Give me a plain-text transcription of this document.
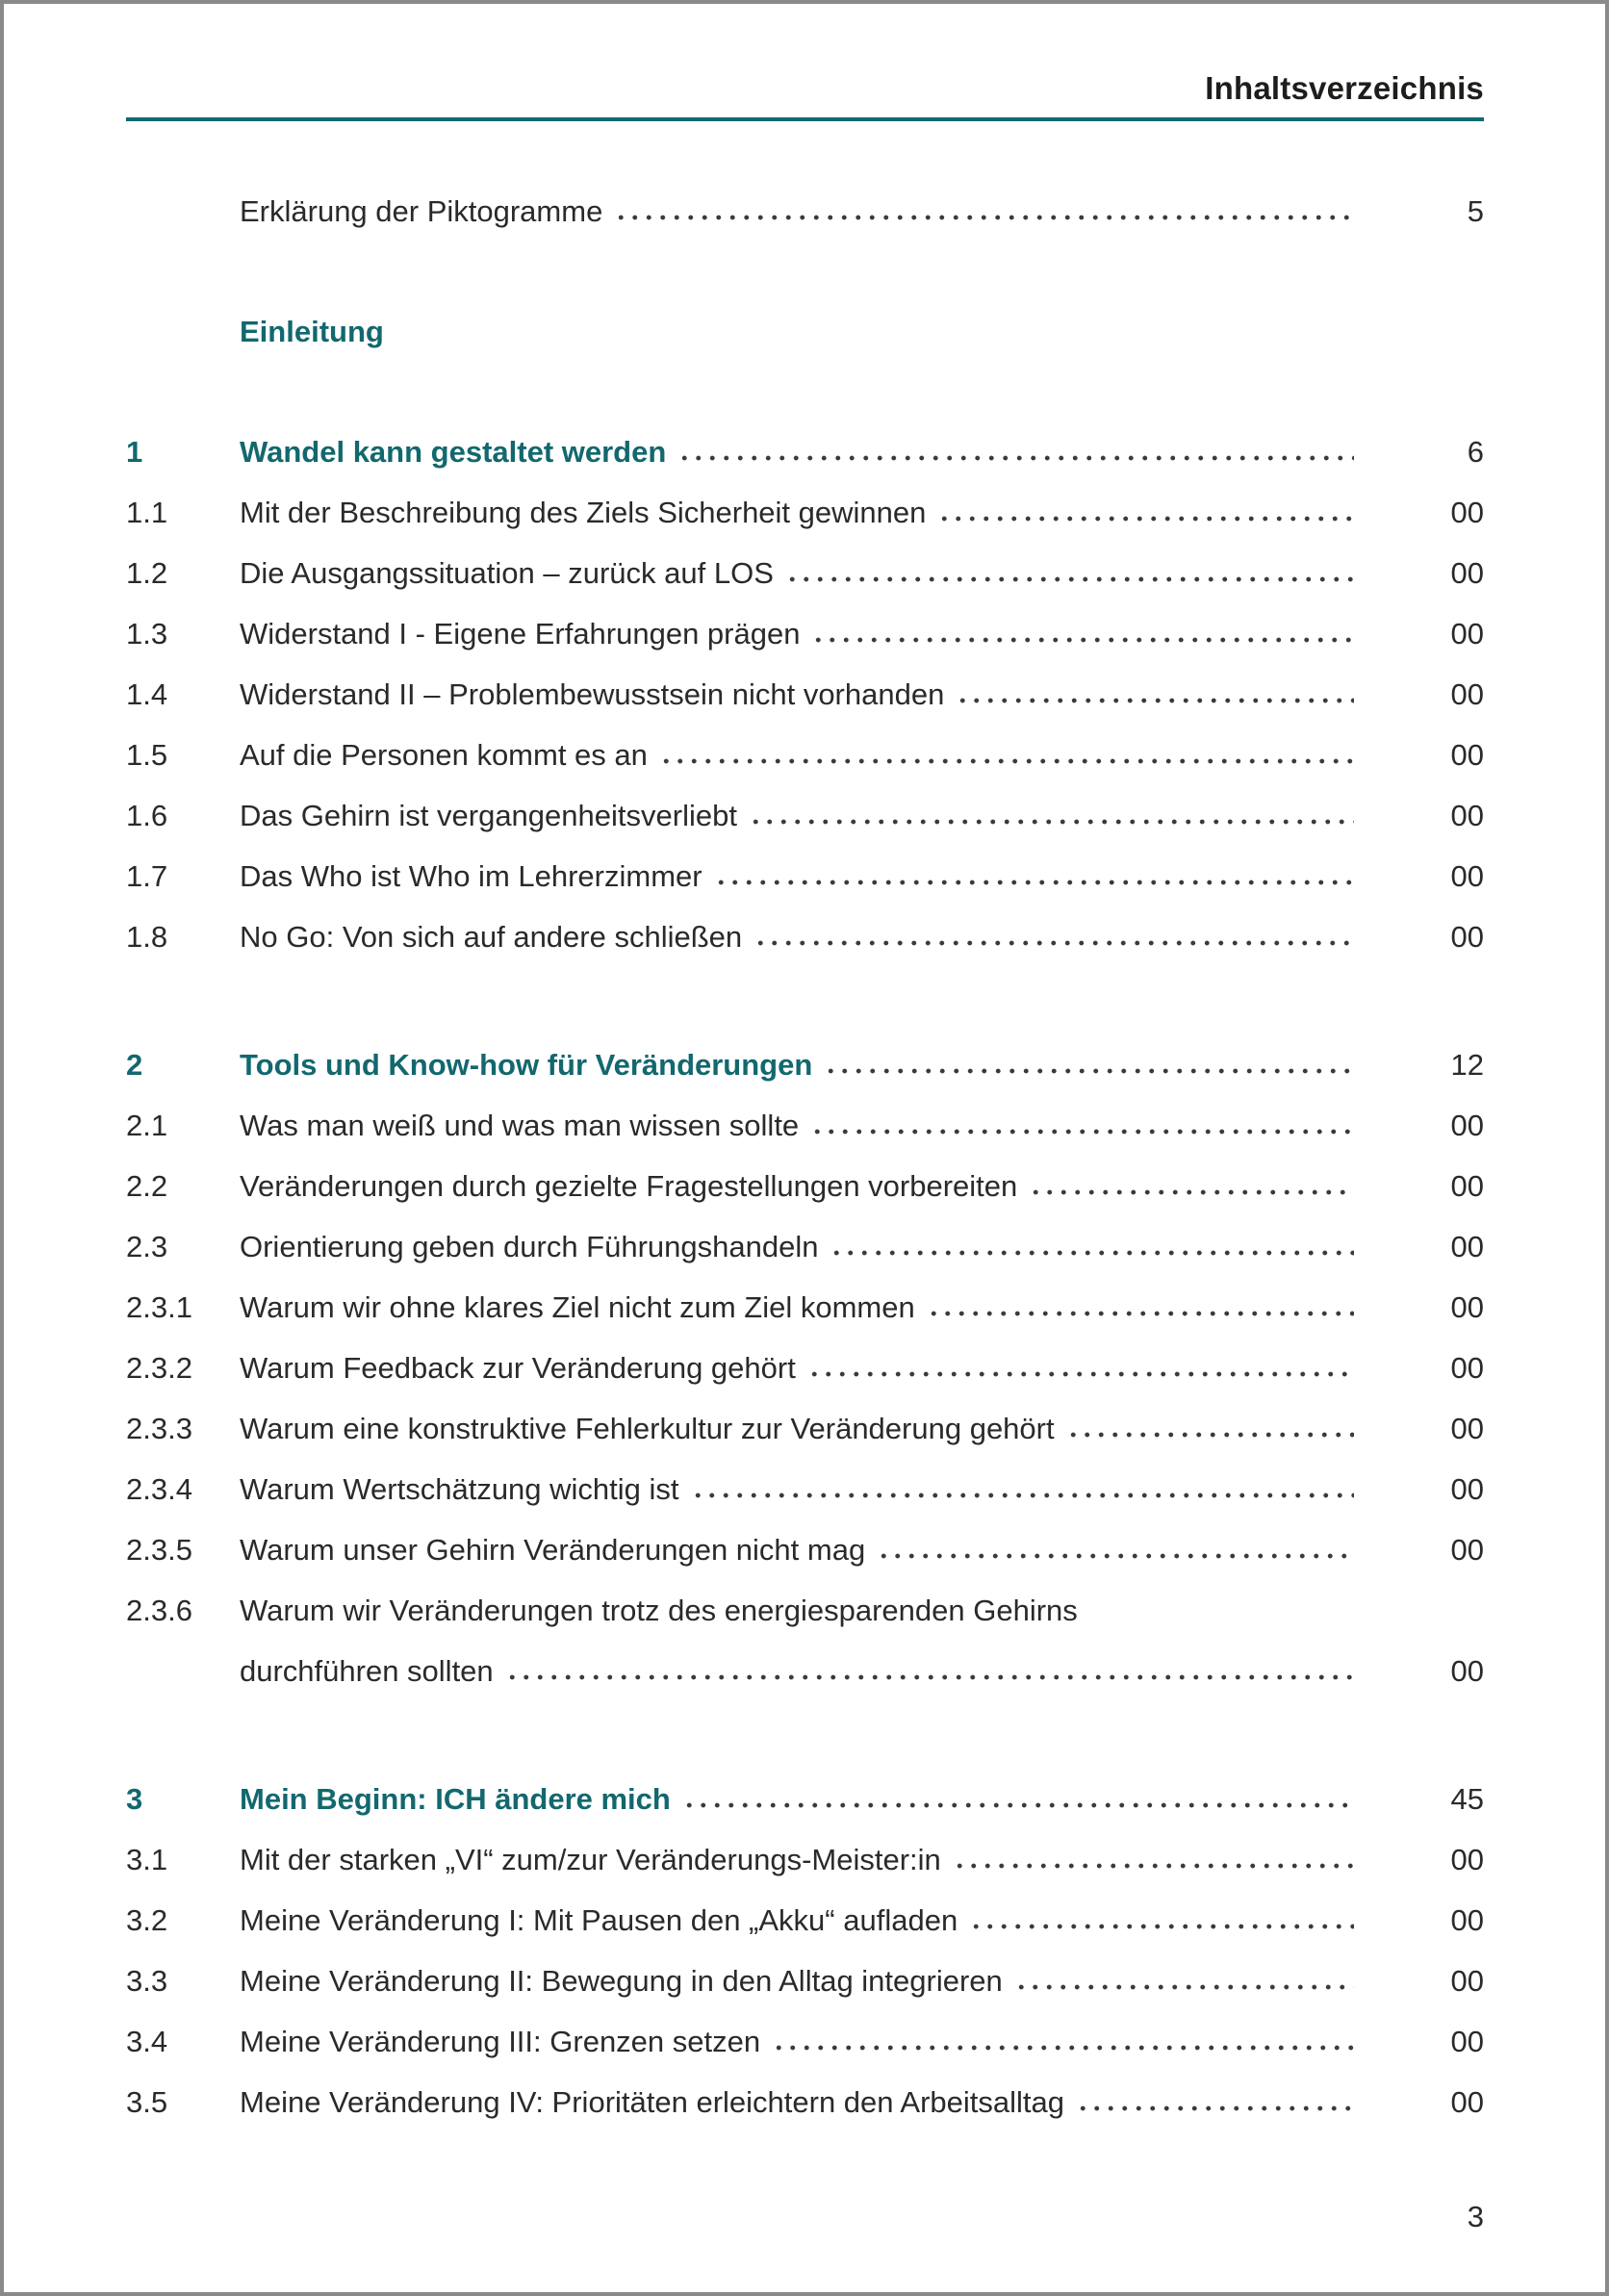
Inhaltsverzeichnis
Erklärung der Piktogramme	5
Einleitung
1	Wandel kann gestaltet werden	6
1.1	Mit der Beschreibung des Ziels Sicherheit gewinnen	00
1.2	Die Ausgangssituation – zurück auf LOS	00
1.3	Widerstand I - Eigene Erfahrungen prägen	00
1.4	Widerstand II – Problembewusstsein nicht vorhanden	00
1.5	Auf die Personen kommt es an	00
1.6	Das Gehirn ist vergangenheitsverliebt	00
1.7	Das Who ist Who im Lehrerzimmer	00
1.8	No Go: Von sich auf andere schließen	00
2	Tools und Know-how für Veränderungen	12
2.1	Was man weiß und was man wissen sollte	00
2.2	Veränderungen durch gezielte Fragestellungen vorbereiten	00
2.3	Orientierung geben durch Führungshandeln	00
2.3.1	Warum wir ohne klares Ziel nicht zum Ziel kommen	00
2.3.2	Warum Feedback zur Veränderung gehört	00
2.3.3	Warum eine konstruktive Fehlerkultur zur Veränderung gehört	00
2.3.4	Warum Wertschätzung wichtig ist	00
2.3.5	Warum unser Gehirn Veränderungen nicht mag	00
2.3.6	Warum wir Veränderungen trotz des energiesparenden Gehirns
durchführen sollten	00
3	Mein Beginn: ICH ändere mich	45
3.1	Mit der starken „VI“ zum/zur Veränderungs-Meister:in	00
3.2	Meine Veränderung I: Mit Pausen den „Akku“ aufladen	00
3.3	Meine Veränderung II: Bewegung in den Alltag integrieren	00
3.4	Meine Veränderung III: Grenzen setzen	00
3.5	Meine Veränderung IV: Prioritäten erleichtern den Arbeitsalltag	00
3
